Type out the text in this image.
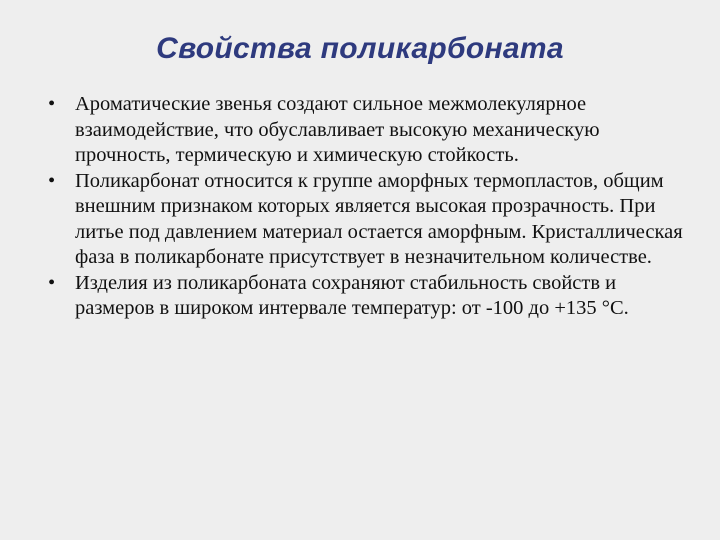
Свойства поликарбоната
• Ароматические звенья создают сильное межмолекулярное взаимодействие, что обуславливает высокую механическую прочность, термическую и химическую стойкость.
• Поликарбонат относится к группе аморфных термопластов, общим внешним признаком которых является высокая прозрачность. При литье под давлением материал остается аморфным. Кристаллическая фаза в поликарбонате присутствует в незначительном количестве.
• Изделия из поликарбоната сохраняют стабильность свойств и размеров в широком интервале температур: от -100 до +135 °С.
